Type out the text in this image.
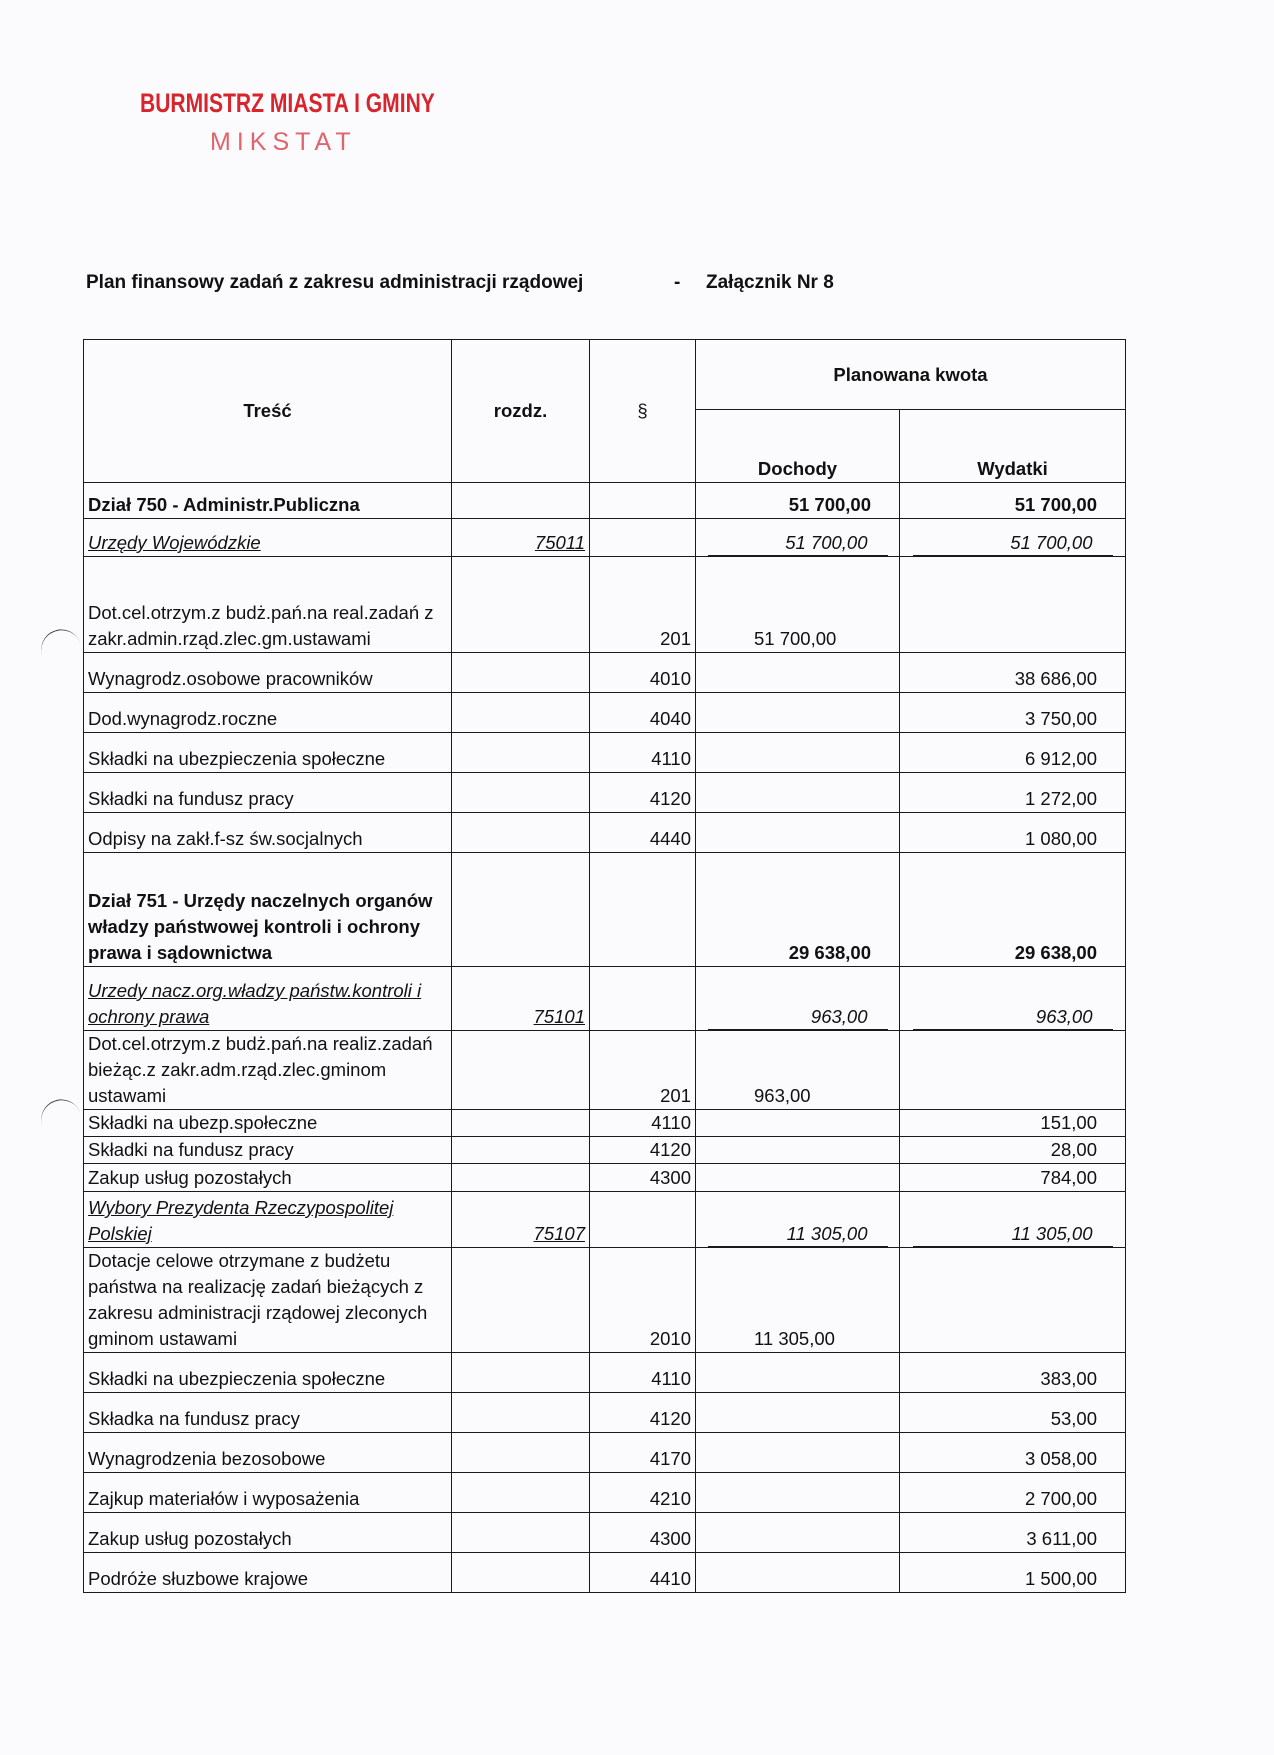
BURMISTRZ MIASTA I GMINY
MIKSTAT
Plan finansowy zadań z zakresu administracji rządowej	- Załącznik Nr 8
Treść	rozdz.	§	Planowana kwota	
			Dochody	Wydatki
Dział 750 - Administr.Publiczna			51 700,00	51 700,00
Urzędy Wojewódzkie	75011		51 700,00	51 700,00
Dot.cel.otrzym.z budż.pań.na real.zadań z zakr.admin.rząd.zlec.gm.ustawami		201	51 700,00	
Wynagrodz.osobowe pracowników		4010		38 686,00
Dod.wynagrodz.roczne		4040		3 750,00
Składki na ubezpieczenia społeczne		4110		6 912,00
Składki na fundusz pracy		4120		1 272,00
Odpisy na zakł.f-sz św.socjalnych		4440		1 080,00
Dział 751 - Urzędy naczelnych organów władzy państwowej kontroli i ochrony prawa i sądownictwa			29 638,00	29 638,00
Urzedy nacz.org.władzy państw.kontroli i ochrony prawa	75101		963,00	963,00
Dot.cel.otrzym.z budż.pań.na realiz.zadań bieżąc.z zakr.adm.rząd.zlec.gminom ustawami		201	963,00	
Składki na ubezp.społeczne		4110		151,00
Składki na fundusz pracy		4120		28,00
Zakup usług pozostałych		4300		784,00
Wybory Prezydenta Rzeczypospolitej Polskiej	75107		11 305,00	11 305,00
Dotacje celowe otrzymane z budżetu państwa na realizację zadań bieżących z zakresu administracji rządowej zleconych gminom ustawami		2010	11 305,00	
Składki na ubezpieczenia społeczne		4110		383,00
Składka na fundusz pracy		4120		53,00
Wynagrodzenia bezosobowe		4170		3 058,00
Zajkup materiałów i wyposażenia		4210		2 700,00
Zakup usług pozostałych		4300		3 611,00
Podróże słuzbowe krajowe		4410		1 500,00
